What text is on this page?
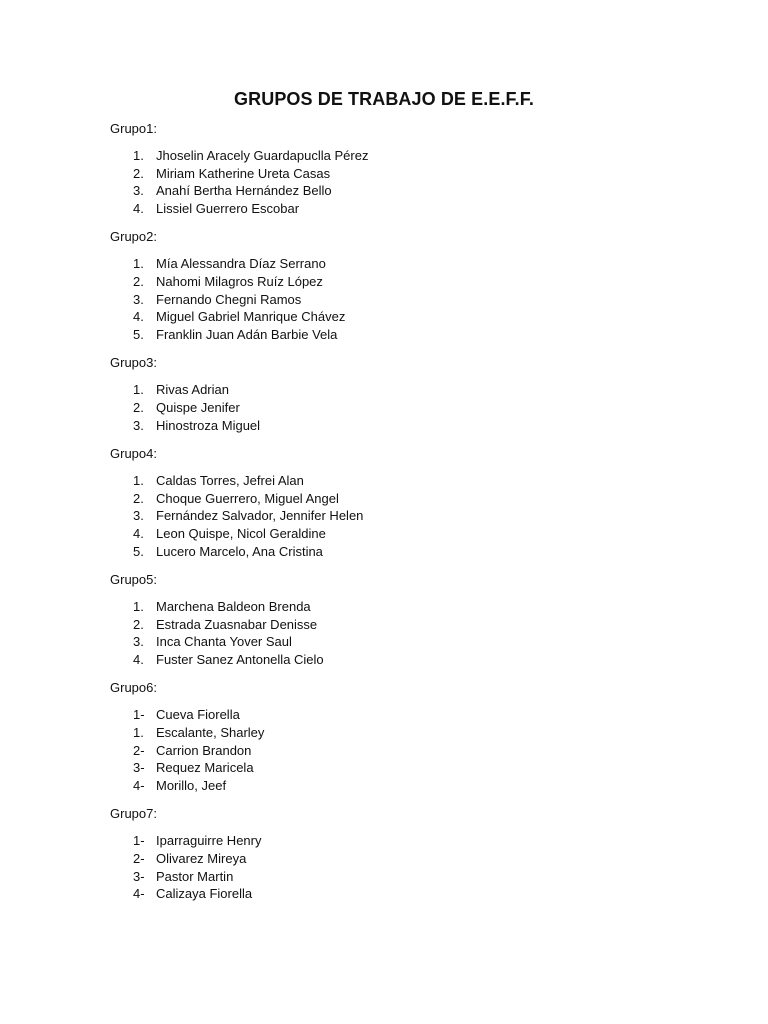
GRUPOS DE TRABAJO DE E.E.F.F.
Grupo1:
1. Jhoselin Aracely Guardapuclla Pérez
2. Miriam Katherine Ureta Casas
3. Anahí Bertha Hernández Bello
4. Lissiel Guerrero Escobar
Grupo2:
1. Mía Alessandra Díaz Serrano
2. Nahomi Milagros Ruíz López
3. Fernando Chegni Ramos
4. Miguel Gabriel Manrique Chávez
5. Franklin Juan Adán Barbie Vela
Grupo3:
1. Rivas Adrian
2. Quispe Jenifer
3. Hinostroza Miguel
Grupo4:
1. Caldas Torres, Jefrei Alan
2. Choque Guerrero, Miguel Angel
3. Fernández Salvador, Jennifer Helen
4. Leon Quispe, Nicol Geraldine
5. Lucero Marcelo, Ana Cristina
Grupo5:
1. Marchena Baldeon Brenda
2. Estrada Zuasnabar Denisse
3. Inca Chanta Yover Saul
4. Fuster Sanez Antonella Cielo
Grupo6:
1- Cueva Fiorella
1. Escalante, Sharley
2- Carrion Brandon
3- Requez Maricela
4- Morillo, Jeef
Grupo7:
1- Iparraguirre Henry
2- Olivarez Mireya
3- Pastor Martin
4- Calizaya Fiorella
